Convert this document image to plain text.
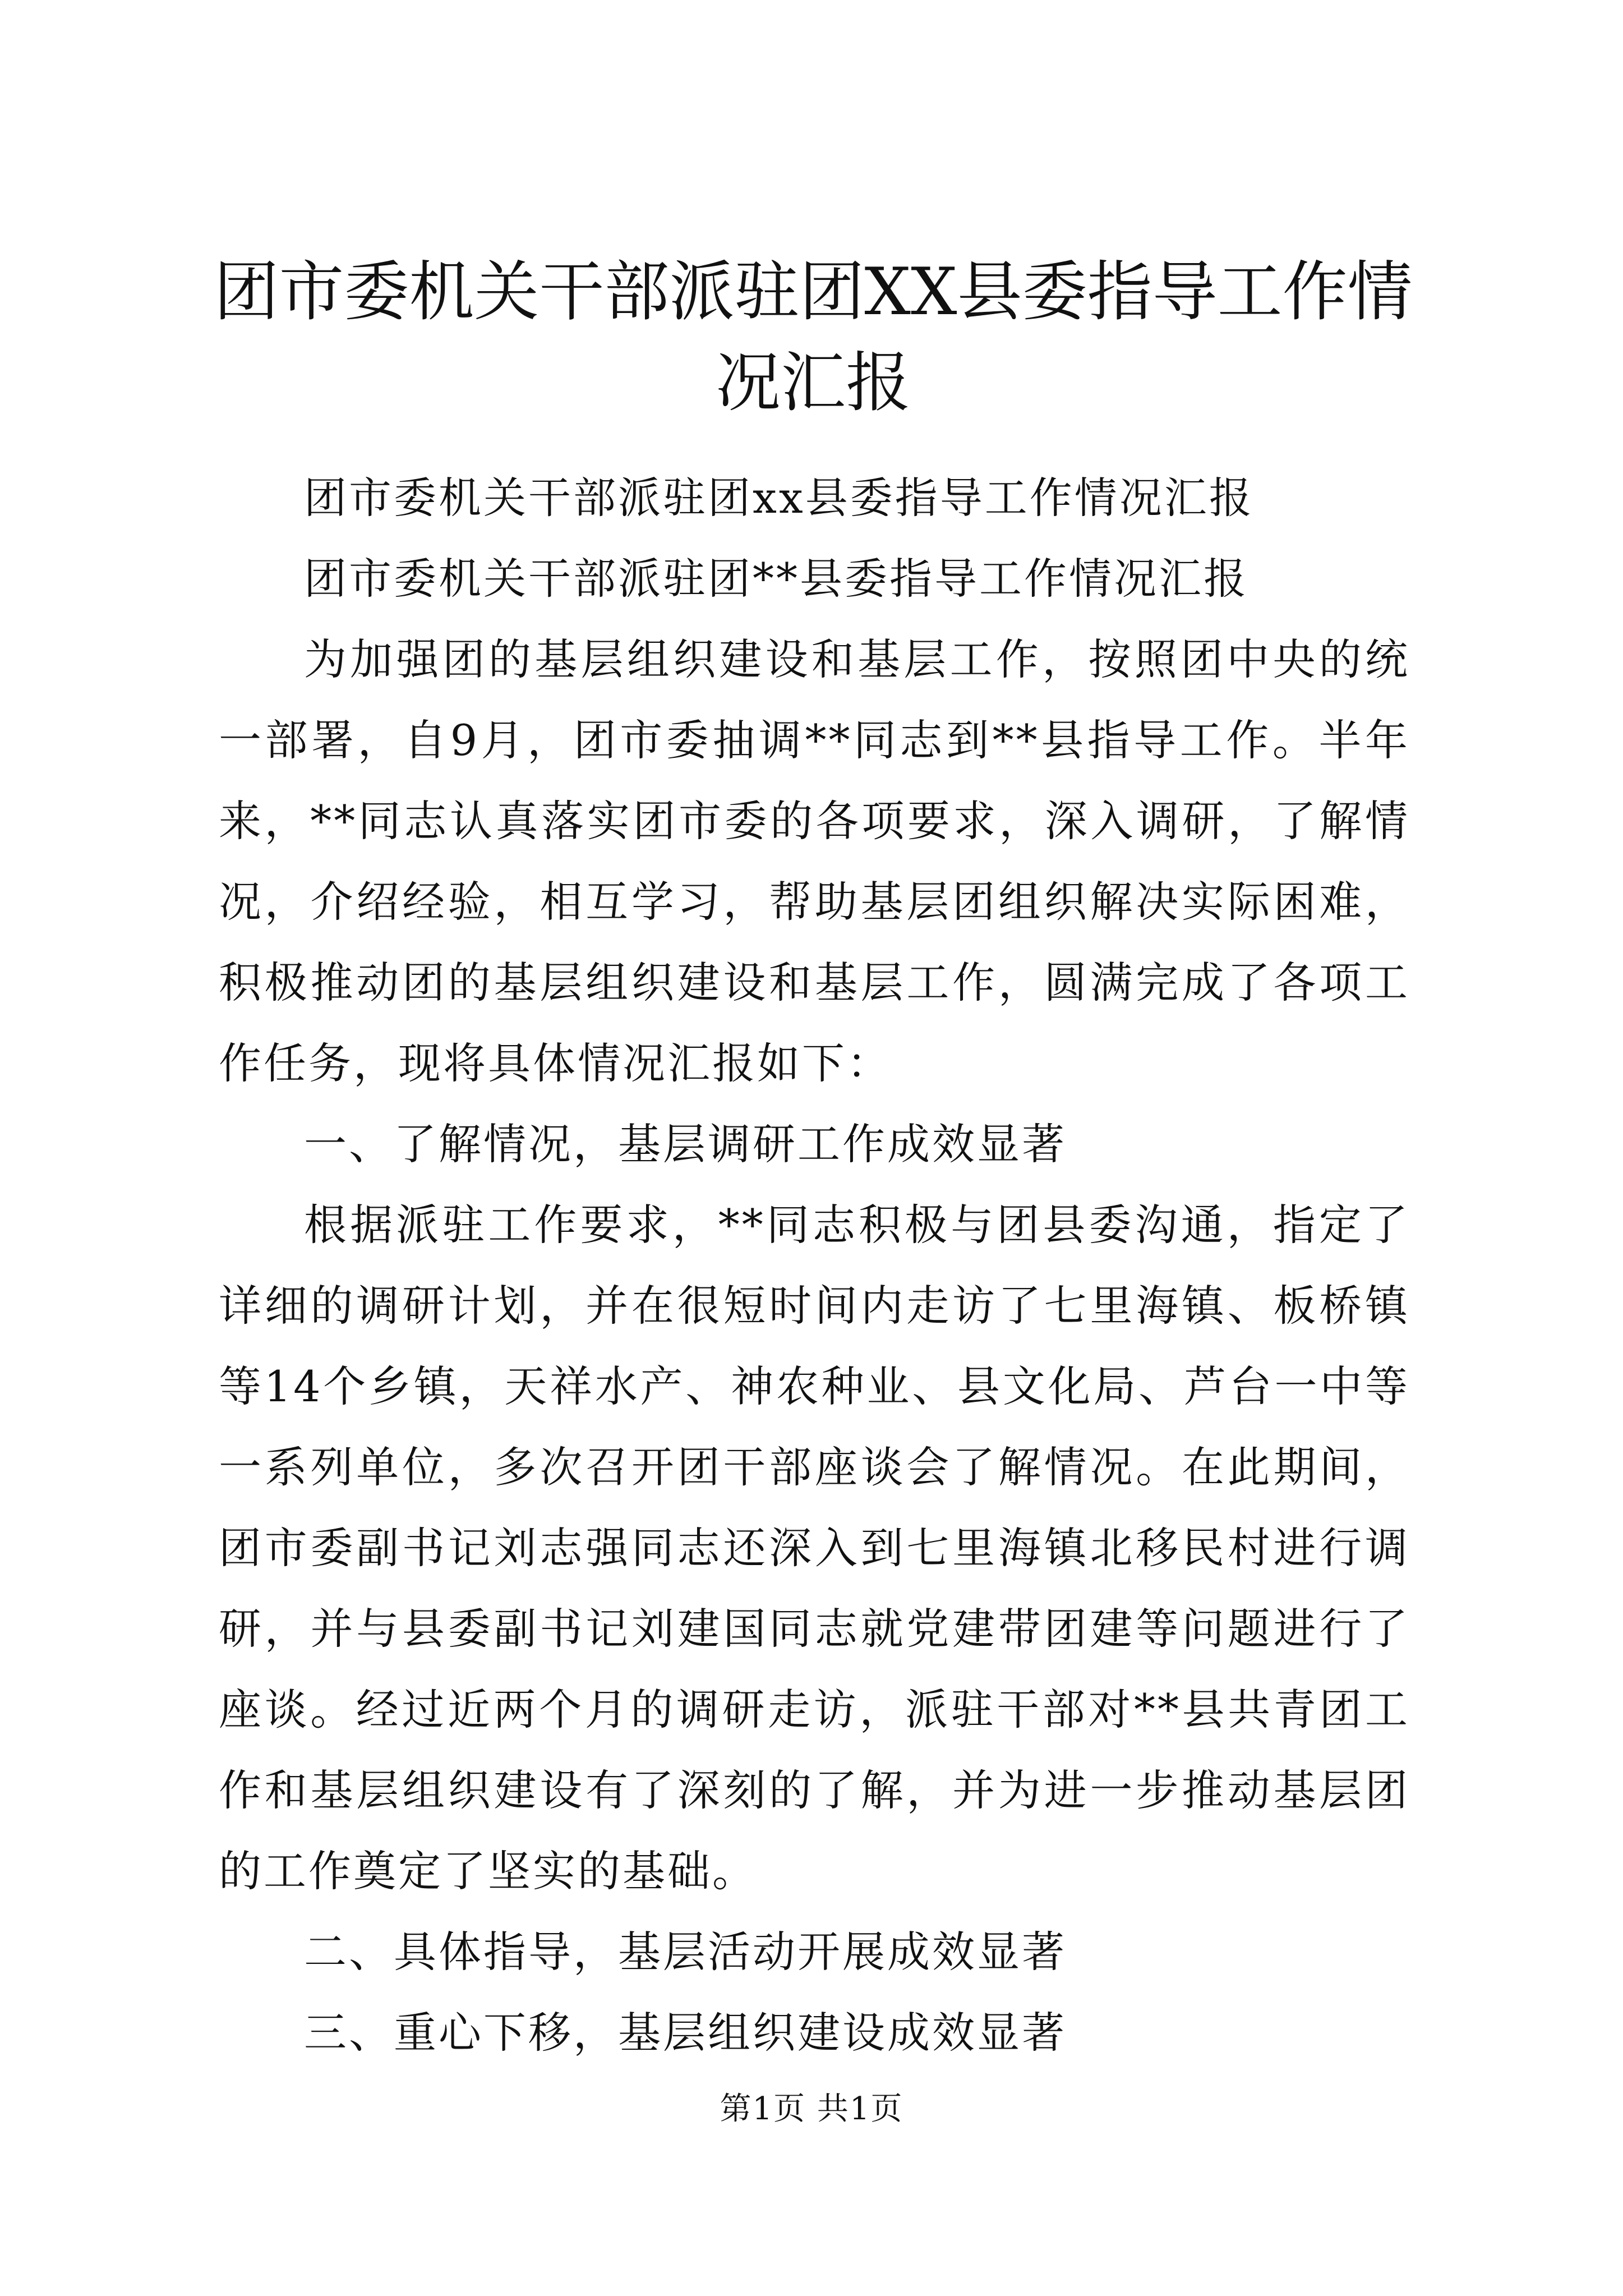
团市委机关干部派驻团XX县委指导工作情况汇报

团市委机关干部派驻团xx县委指导工作情况汇报

团市委机关干部派驻团**县委指导工作情况汇报

为加强团的基层组织建设和基层工作，按照团中央的统一部署，自9月，团市委抽调**同志到**县指导工作。半年来，**同志认真落实团市委的各项要求，深入调研，了解情况，介绍经验，相互学习，帮助基层团组织解决实际困难，积极推动团的基层组织建设和基层工作，圆满完成了各项工作任务，现将具体情况汇报如下：

一、了解情况，基层调研工作成效显著

根据派驻工作要求，**同志积极与团县委沟通，指定了详细的调研计划，并在很短时间内走访了七里海镇、板桥镇等14个乡镇，天祥水产、神农种业、县文化局、芦台一中等一系列单位，多次召开团干部座谈会了解情况。在此期间，团市委副书记刘志强同志还深入到七里海镇北移民村进行调研，并与县委副书记刘建国同志就党建带团建等问题进行了座谈。经过近两个月的调研走访，派驻干部对**县共青团工作和基层组织建设有了深刻的了解，并为进一步推动基层团的工作奠定了坚实的基础。

二、具体指导，基层活动开展成效显著

三、重心下移，基层组织建设成效显著

第1页 共1页
